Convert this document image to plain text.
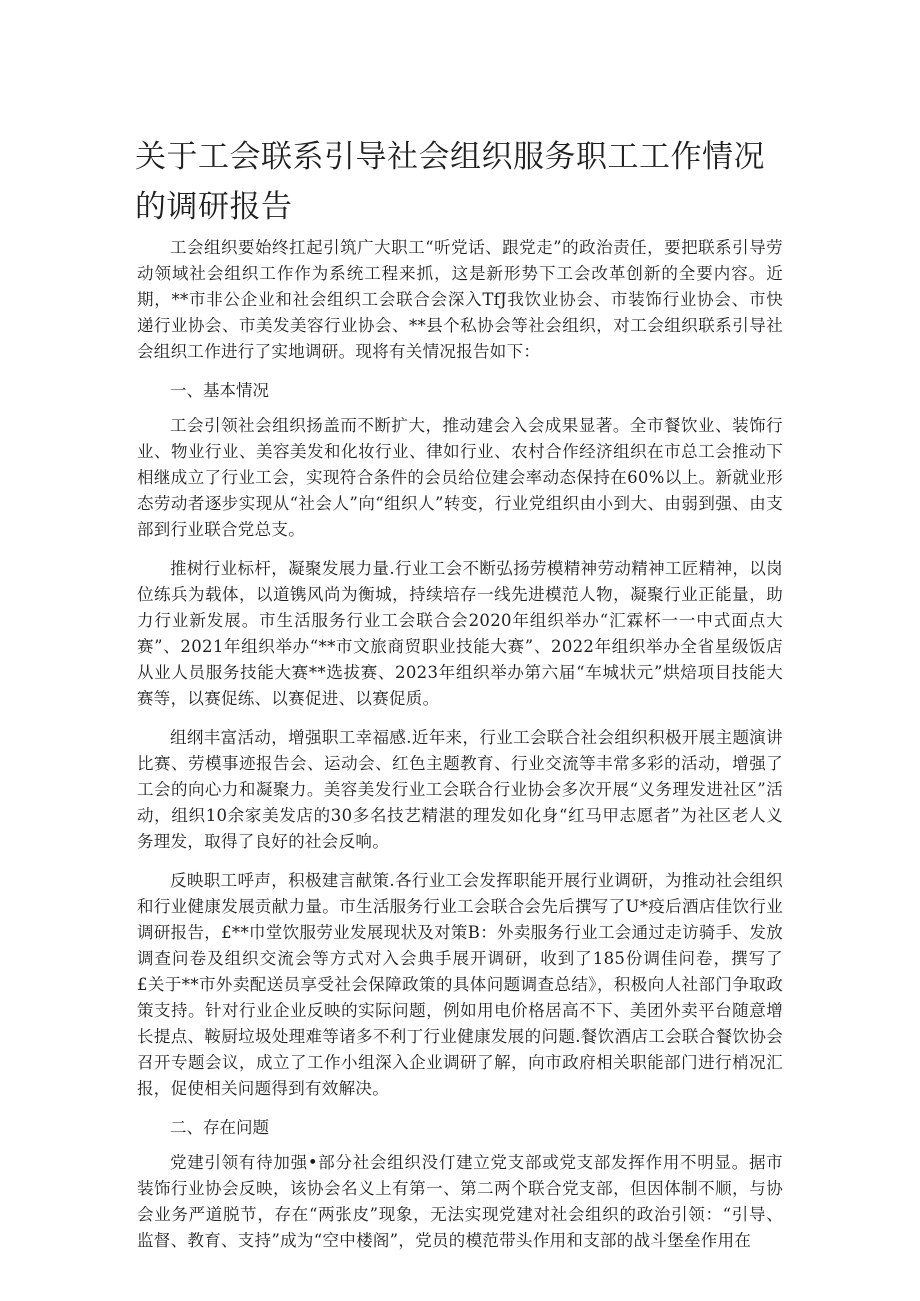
关于工会联系引导社会组织服务职工工作情况的调研报告

工会组织要始终扛起引筑广大职工“听党话、跟党走”的政治责任，要把联系引导劳动领域社会组织工作作为系统工程来抓，这是新形势下工会改革创新的全要内容。近期，**市非公企业和社会组织工会联合会深入TfJ我饮业协会、市装饰行业协会、市快递行业协会、市美发美容行业协会、**县个私协会等社会组织，对工会组织联系引导社会组织工作进行了实地调研。现将有关情况报告如下：

一、基本情况

工会引领社会组织扬盖而不断扩大，推动建会入会成果显著。全市餐饮业、装饰行业、物业行业、美容美发和化妆行业、律如行业、农村合作经济组织在市总工会推动下相继成立了行业工会，实现符合条件的会员给位建会率动态保持在60%以上。新就业形态劳动者逐步实现从“社会人”向“组织人”转变，行业党组织由小到大、由弱到强、由支部到行业联合党总支。

推树行业标杆，凝聚发展力量.行业工会不断弘扬劳模精神劳动精神工匠精神，以岗位练兵为载体，以道镌风尚为衡城，持续培存一线先进模范人物，凝聚行业正能量，助力行业新发展。市生活服务行业工会联合会2020年组织举办“汇霖杯一一中式面点大赛”、2021年组织举办“**市文旅商贸职业技能大赛”、2022年组织举办全省星级饭店从业人员服务技能大赛**选拔赛、2023年组织举办第六届“车城状元”烘焙项目技能大赛等，以赛促练、以赛促进、以赛促质。

组纲丰富活动，增强职工幸福感.近年来，行业工会联合社会组织积极开展主题演讲比赛、劳模事迹报告会、运动会、红色主题教育、行业交流等丰常多彩的活动，增强了工会的向心力和凝聚力。美容美发行业工会联合行业协会多次开展“义务理发进社区”活动，组织10余家美发店的30多名技艺精湛的理发如化身“红马甲志愿者”为社区老人义务理发，取得了良好的社会反响。

反映职工呼声，积极建言献策.各行业工会发挥职能开展行业调研，为推动社会组织和行业健康发展贡献力量。市生活服务行业工会联合会先后撰写了U*疫后酒店佳饮行业调研报告，£**巾堂饮服劳业发展现状及对策B：外卖服务行业工会通过走访骑手、发放调查问卷及组织交流会等方式对入会典手展开调研，收到了185份调佳问卷，撰写了£关于**市外卖配送员享受社会保障政策的具体问题调查总结》，积极向人社部门争取政策支持。针对行业企业反映的实际问题，例如用电价格居高不下、美团外卖平台随意增长提点、鞍厨垃圾处理难等诸多不利丁行业健康发展的问题.餐饮酒店工会联合餐饮协会召开专题会议，成立了工作小组深入企业调研了解，向市政府相关职能部门进行梢况汇报，促使相关问题得到有效解决。

二、存在问题

党建引领有待加强•部分社会组织没仃建立党支部或党支部发挥作用不明显。据市装饰行业协会反映，该协会名义上有第一、第二两个联合党支部，但因体制不顺，与协会业务严道脱节，存在“两张皮”现象，无法实现党建对社会组织的政治引领：“引导、监督、教育、支持”成为“空中楼阁”，党员的模范带头作用和支部的战斗堡垒作用在
